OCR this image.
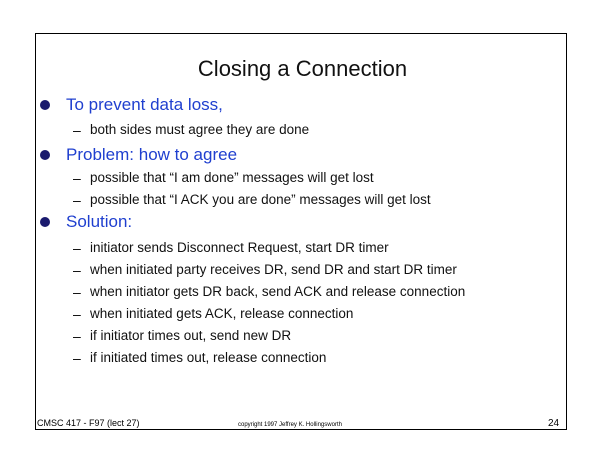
Closing a Connection
To prevent data loss,
– both sides must agree they are done
Problem: how to agree
– possible that “I am done” messages will get lost
– possible that “I ACK you are done” messages will get lost
Solution:
– initiator sends Disconnect Request, start DR timer
– when initiated party receives DR, send DR and start DR timer
– when initiator gets DR back, send ACK and release connection
– when initiated gets ACK, release connection
– if initiator times out, send new DR
– if initiated times out, release connection
CMSC 417 - F97 (lect 27)	copyright 1997 Jeffrey K. Hollingsworth	24
